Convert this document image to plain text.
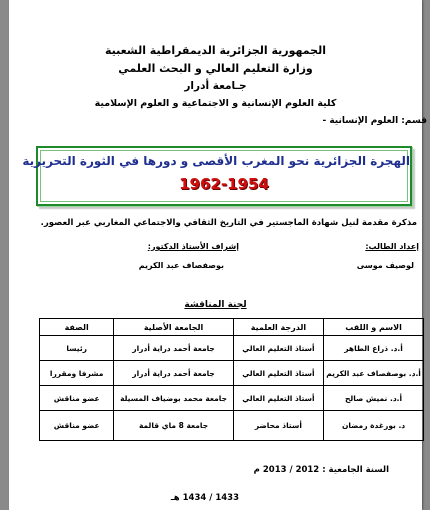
الجمهورية الجزائرية الديمقراطية الشعبية
وزارة التعليم العالي و البحث العلمي
جـامعة أدرار
كلية العلوم الإنسانية و الاجتماعية و العلوم الإسلامية
قسم: العلوم الإنسانية -
الهجرة الجزائرية نحو المغرب الأقصى و دورها في الثورة التحريرية
1962-1954
مذكرة مقدمة لنيل شهادة الماجستير في التاريخ الثقافي والاجتماعي المغاربي عبر العصور.
إعداد الطالب:
إشراف الأستاذ الدكتور:
لوصيف موسى
بوصفصاف عبد الكريم
لجنة المناقشة
الاسم و اللقب	الدرجة العلمية	الجامعة الأصلية	الصفة
أ.د. ذراع الطاهر	أستاذ التعليم العالي	جامعة أحمد دراية أدرار	رئيسا
أ.د. بوصفصاف عبد الكريم	أستاذ التعليم العالي	جامعة أحمد دراية أدرار	مشرفا ومقررا
أ.د. نميش صالح	أستاذ التعليم العالي	جامعة محمد بوضياف المسيلة	عضو مناقش
د. بورغدة رمضان	أستاذ محاضر	جامعة 8 ماي قالمة	عضو مناقش
السنة الجامعية : 2012 / 2013 م
1433 / 1434 هـ
